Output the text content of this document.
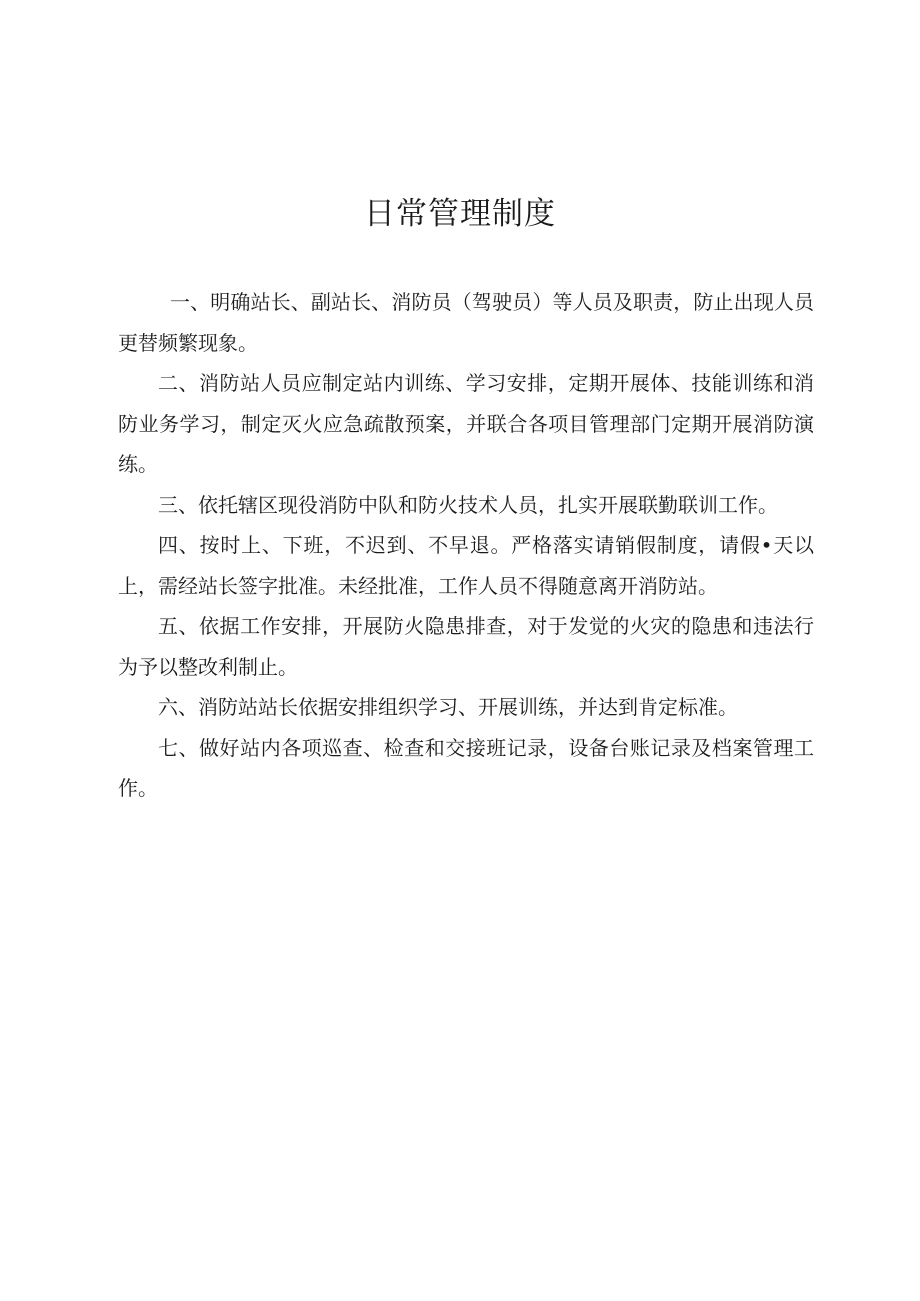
日常管理制度

一、明确站长、副站长、消防员（驾驶员）等人员及职责，防止出现人员更替频繁现象。

二、消防站人员应制定站内训练、学习安排，定期开展体、技能训练和消防业务学习，制定灭火应急疏散预案，并联合各项目管理部门定期开展消防演练。

三、依托辖区现役消防中队和防火技术人员，扎实开展联勤联训工作。

四、按时上、下班，不迟到、不早退。严格落实请销假制度，请假•天以上，需经站长签字批准。未经批准，工作人员不得随意离开消防站。

五、依据工作安排，开展防火隐患排查，对于发觉的火灾的隐患和违法行为予以整改利制止。

六、消防站站长依据安排组织学习、开展训练，并达到肯定标准。

七、做好站内各项巡查、检查和交接班记录，设备台账记录及档案管理工作。
